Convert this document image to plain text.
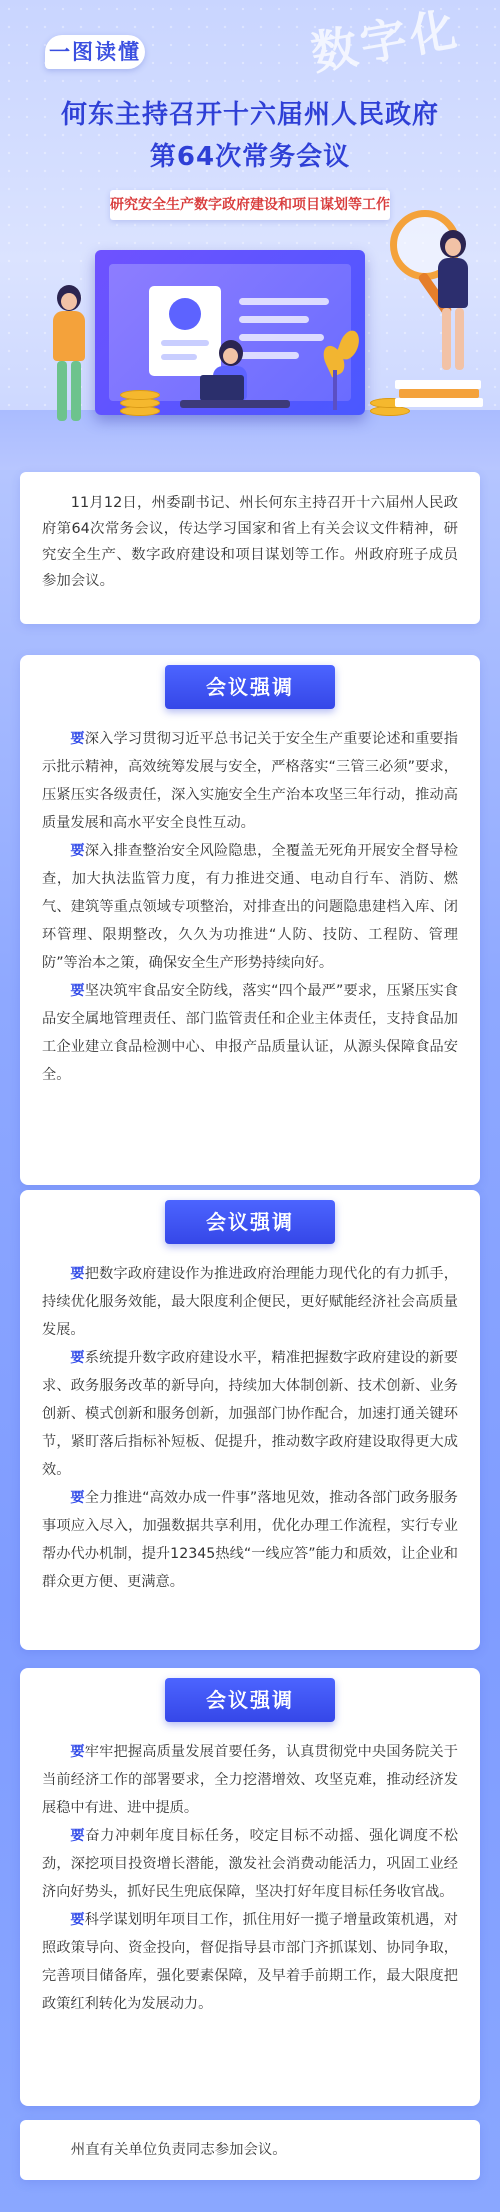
数字化
一图读懂
何东主持召开十六届州人民政府
第64次常务会议
研究安全生产数字政府建设和项目谋划等工作

11月12日，州委副书记、州长何东主持召开十六届州人民政府第64次常务会议，传达学习国家和省上有关会议文件精神，研究安全生产、数字政府建设和项目谋划等工作。州政府班子成员参加会议。

会议强调

要深入学习贯彻习近平总书记关于安全生产重要论述和重要指示批示精神，高效统筹发展与安全，严格落实“三管三必须”要求，压紧压实各级责任，深入实施安全生产治本攻坚三年行动，推动高质量发展和高水平安全良性互动。

要深入排查整治安全风险隐患，全覆盖无死角开展安全督导检查，加大执法监管力度，有力推进交通、电动自行车、消防、燃气、建筑等重点领域专项整治，对排查出的问题隐患建档入库、闭环管理、限期整改，久久为功推进“人防、技防、工程防、管理防”等治本之策，确保安全生产形势持续向好。

要坚决筑牢食品安全防线，落实“四个最严”要求，压紧压实食品安全属地管理责任、部门监管责任和企业主体责任，支持食品加工企业建立食品检测中心、申报产品质量认证，从源头保障食品安全。

会议强调

要把数字政府建设作为推进政府治理能力现代化的有力抓手，持续优化服务效能，最大限度利企便民，更好赋能经济社会高质量发展。

要系统提升数字政府建设水平，精准把握数字政府建设的新要求、政务服务改革的新导向，持续加大体制创新、技术创新、业务创新、模式创新和服务创新，加强部门协作配合，加速打通关键环节，紧盯落后指标补短板、促提升，推动数字政府建设取得更大成效。

要全力推进“高效办成一件事”落地见效，推动各部门政务服务事项应入尽入，加强数据共享利用，优化办理工作流程，实行专业帮办代办机制，提升12345热线“一线应答”能力和质效，让企业和群众更方便、更满意。

会议强调

要牢牢把握高质量发展首要任务，认真贯彻党中央国务院关于当前经济工作的部署要求，全力挖潜增效、攻坚克难，推动经济发展稳中有进、进中提质。

要奋力冲刺年度目标任务，咬定目标不动摇、强化调度不松劲，深挖项目投资增长潜能，激发社会消费动能活力，巩固工业经济向好势头，抓好民生兜底保障，坚决打好年度目标任务收官战。

要科学谋划明年项目工作，抓住用好一揽子增量政策机遇，对照政策导向、资金投向，督促指导县市部门齐抓谋划、协同争取，完善项目储备库，强化要素保障，及早着手前期工作，最大限度把政策红利转化为发展动力。

州直有关单位负责同志参加会议。
